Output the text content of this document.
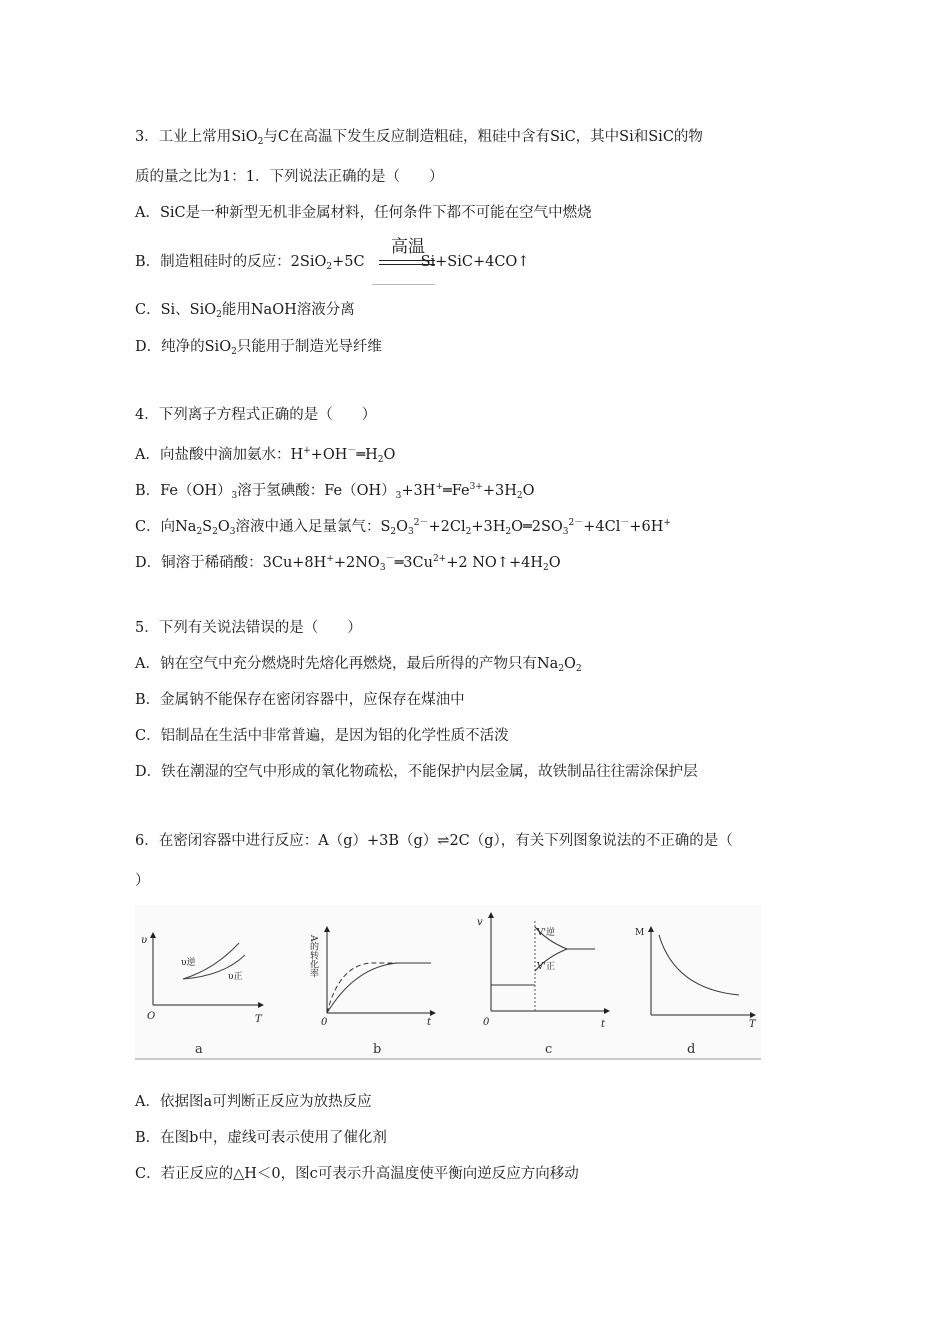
3．工业上常用SiO$_2$与C在高温下发生反应制造粗硅，粗硅中含有SiC，其中Si和SiC的物
质的量之比为1：1．下列说法正确的是（　　）
A．SiC是一种新型无机非金属材料，任何条件下都不可能在空气中燃烧
B．制造粗硅时的反应：2SiO$_2$+5C	Si+SiC+4CO↑
高温
C．Si、SiO$_2$能用NaOH溶液分离
D．纯净的SiO$_2$只能用于制造光导纤维
4．下列离子方程式正确的是（　　）
A．向盐酸中滴加氨水：$H^++OH^-═H_2O$
B．$Fe(OH)_3$溶于氢碘酸：$Fe(OH)_3+3H^+═Fe^{3+}+3H_2O$
C．向$Na_2S_2O_3$溶液中通入足量氯气：$S_2O_3^{2-}+2Cl_2+3H_2O═2SO_3^{2-}+4Cl^-+6H^+$
D．铜溶于稀硝酸：$3Cu+8H^++2NO_3^-═3Cu^{2+}+2$ $NO↑+4H_2O$
5．下列有关说法错误的是（　　）
A．钠在空气中充分燃烧时先熔化再燃烧，最后所得的产物只有$Na_2O_2$
B．金属钠不能保存在密闭容器中，应保存在煤油中
C．铝制品在生活中非常普遍，是因为铝的化学性质不活泼
D．铁在潮湿的空气中形成的氧化物疏松，不能保护内层金属，故铁制品往往需涂保护层
6．在密闭容器中进行反应：A（g）+3B（g）⇌2C（g），有关下列图象说法的不正确的是（
）
υ
T
O
υ逆
υ正
a
A的转化率
t
0
b
v
t
0
V'逆
V'正
c
M
T
d
A．依据图a可判断正反应为放热反应
B．在图b中，虚线可表示使用了催化剂
C．若正反应的△H＜0，图c可表示升高温度使平衡向逆反应方向移动
